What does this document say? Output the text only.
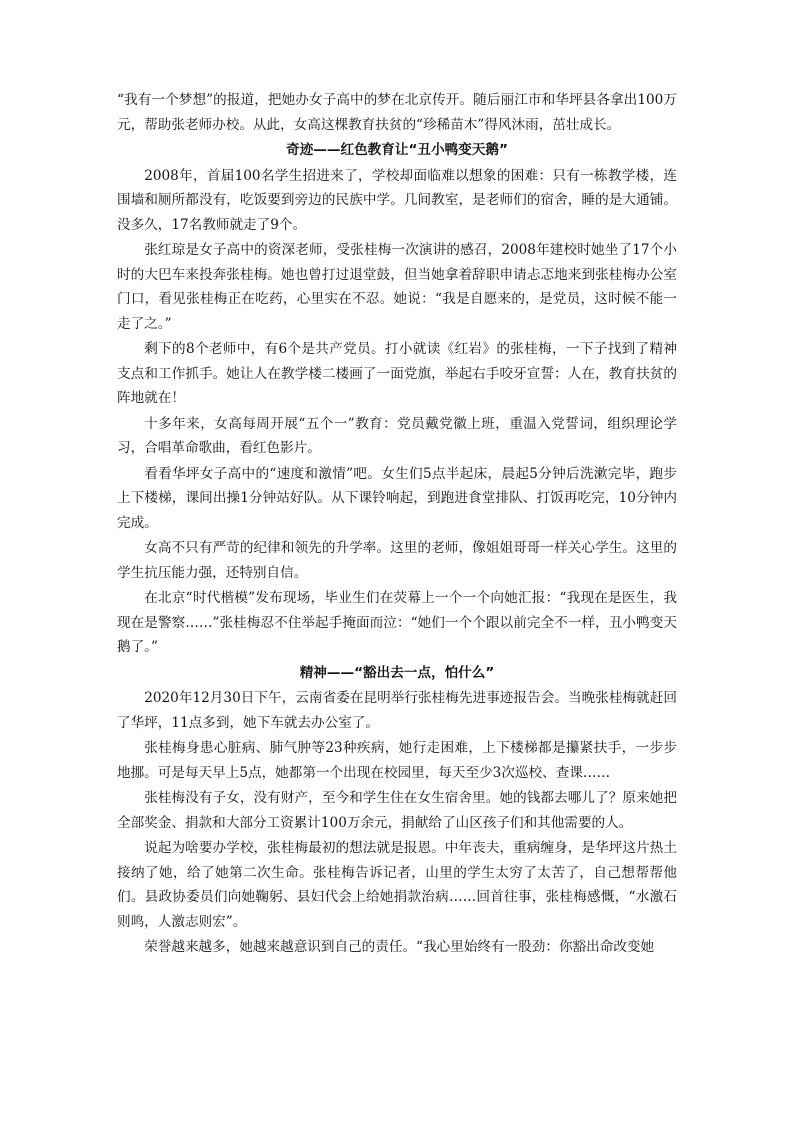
“我有一个梦想”的报道，把她办女子高中的梦在北京传开。随后丽江市和华坪县各拿出100万元，帮助张老师办校。从此，女高这棵教育扶贫的“珍稀苗木”得风沐雨，茁壮成长。

奇迹——红色教育让“丑小鸭变天鹅”

2008年，首届100名学生招进来了，学校却面临难以想象的困难：只有一栋教学楼，连围墙和厕所都没有，吃饭要到旁边的民族中学。几间教室，是老师们的宿舍，睡的是大通铺。没多久，17名教师就走了9个。

张红琼是女子高中的资深老师，受张桂梅一次演讲的感召，2008年建校时她坐了17个小时的大巴车来投奔张桂梅。她也曾打过退堂鼓，但当她拿着辞职申请忐忑地来到张桂梅办公室门口，看见张桂梅正在吃药，心里实在不忍。她说：“我是自愿来的，是党员，这时候不能一走了之。”

剩下的8个老师中，有6个是共产党员。打小就读《红岩》的张桂梅，一下子找到了精神支点和工作抓手。她让人在教学楼二楼画了一面党旗，举起右手咬牙宣誓：人在，教育扶贫的阵地就在！

十多年来，女高每周开展“五个一”教育：党员戴党徽上班，重温入党誓词，组织理论学习，合唱革命歌曲，看红色影片。

看看华坪女子高中的“速度和激情”吧。女生们5点半起床，晨起5分钟后洗漱完毕，跑步上下楼梯，课间出操1分钟站好队。从下课铃响起，到跑进食堂排队、打饭再吃完，10分钟内完成。

女高不只有严苛的纪律和领先的升学率。这里的老师，像姐姐哥哥一样关心学生。这里的学生抗压能力强，还特别自信。

在北京“时代楷模”发布现场，毕业生们在荧幕上一个一个向她汇报：“我现在是医生，我现在是警察……”张桂梅忍不住举起手掩面而泣：“她们一个个跟以前完全不一样，丑小鸭变天鹅了。”

精神——“豁出去一点，怕什么”

2020年12月30日下午，云南省委在昆明举行张桂梅先进事迹报告会。当晚张桂梅就赶回了华坪，11点多到，她下车就去办公室了。

张桂梅身患心脏病、肺气肿等23种疾病，她行走困难，上下楼梯都是攥紧扶手，一步步地挪。可是每天早上5点，她都第一个出现在校园里，每天至少3次巡校、查课……

张桂梅没有子女，没有财产，至今和学生住在女生宿舍里。她的钱都去哪儿了？原来她把全部奖金、捐款和大部分工资累计100万余元，捐献给了山区孩子们和其他需要的人。

说起为啥要办学校，张桂梅最初的想法就是报恩。中年丧夫，重病缠身，是华坪这片热土接纳了她，给了她第二次生命。张桂梅告诉记者，山里的学生太穷了太苦了，自己想帮帮他们。县政协委员们向她鞠躬、县妇代会上给她捐款治病……回首往事，张桂梅感慨，“水激石则鸣，人激志则宏”。

荣誉越来越多，她越来越意识到自己的责任。“我心里始终有一股劲：你豁出命改变她
